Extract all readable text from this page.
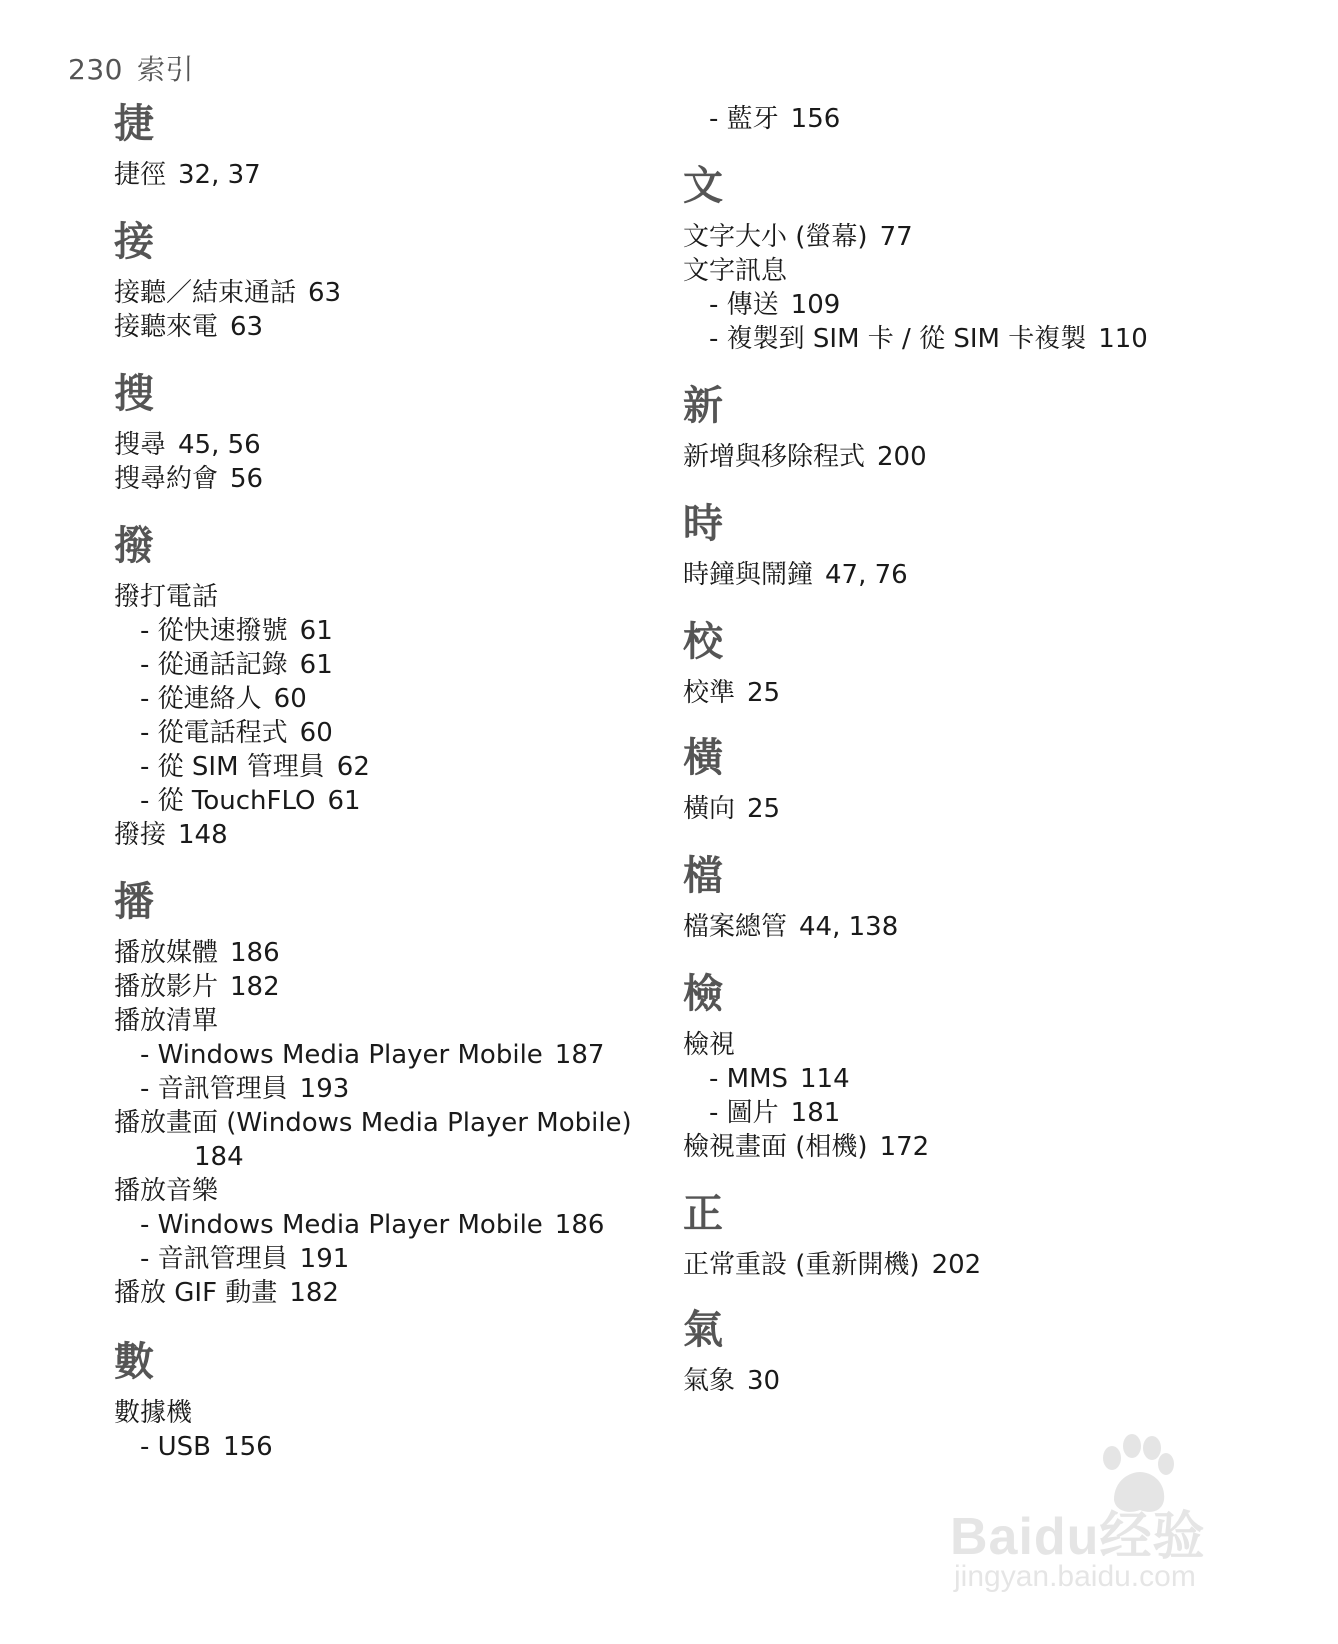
230 索引
捷
捷徑 32, 37
接
接聽／結束通話 63
接聽來電 63
搜
搜尋 45, 56
搜尋約會 56
撥
撥打電話
- 從快速撥號 61
- 從通話記錄 61
- 從連絡人 60
- 從電話程式 60
- 從 SIM 管理員 62
- 從 TouchFLO 61
撥接 148
播
播放媒體 186
播放影片 182
播放清單
- Windows Media Player Mobile 187
- 音訊管理員 193
播放畫面 (Windows Media Player Mobile)
184
播放音樂
- Windows Media Player Mobile 186
- 音訊管理員 191
播放 GIF 動畫 182
數
數據機
- USB 156
- 藍牙 156
文
文字大小 (螢幕) 77
文字訊息
- 傳送 109
- 複製到 SIM 卡 / 從 SIM 卡複製 110
新
新增與移除程式 200
時
時鐘與鬧鐘 47, 76
校
校準 25
橫
橫向 25
檔
檔案總管 44, 138
檢
檢視
- MMS 114
- 圖片 181
檢視畫面 (相機) 172
正
正常重設 (重新開機) 202
氣
氣象 30
Baidu经验
jingyan.baidu.com
